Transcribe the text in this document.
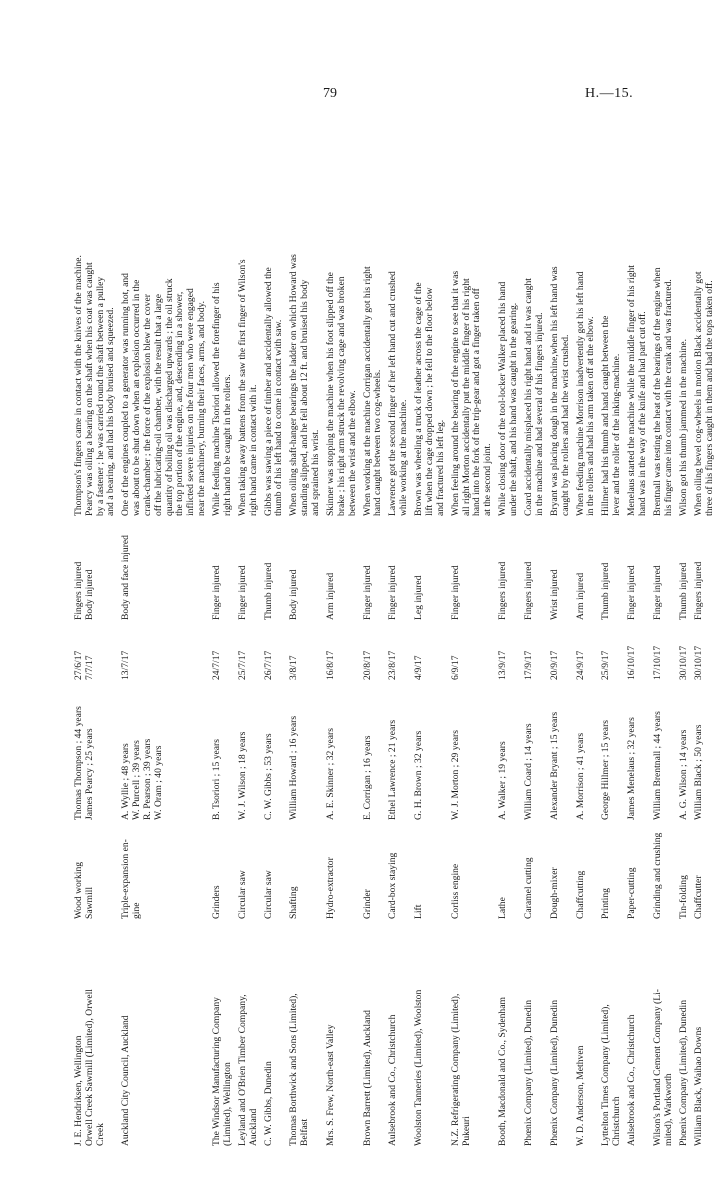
79	H.—15.
J. E. Hendriksen, Wellington Orwell Creek Sawmill (Limited), Orwell Creek
Wood working Sawmill
Thomas Thompson ; 44 years James Pearcy ; 25 years
27/6/17 7/7/17
Fingers injured Body injured
Thompson's fingers came in contact with the knives of the machine. Pearcy was oiling a bearing on the shaft when his coat was caught by a fastener ; he was carried round the shaft between a pulley and a bearing, and had his body bruised and squeezed.
Auckland City Council, Auckland
Triple-expansion en- gine
A. Wyllie ; 48 years W. Purcell ; 39 years R. Pearson ; 39 years W. Oram ; 40 years
13/7/17
Body and face injured
One of the engines coupled to a generator was running hot, and was about to be shut down when an explosion occurred in the crank-chamber ; the force of the explosion blew the cover off the lubricating-oil chamber, with the result that a large quantity of boiling oil was discharged upwards ; the oil struck the top portion of the engine, and, descending in a shower, inflicted severe injuries on the four men who were engaged near the machinery, burning their faces, arms, and body.
The Windsor Manufacturing Company (Limited), Wellington
Grinders
B. Tsoriori ; 15 years
24/7/17
Finger injured
While feeding machine Tsoriori allowed the forefinger of his right hand to be caught in the rollers.
Leyland and O'Brien Timber Company, Auckland
Circular saw
W. J. Wilson ; 18 years
25/7/17
Finger injured
When taking away battens from the saw the first finger of Wilson's right hand came in contact with it.
C. W. Gibbs, Dunedin
Circular saw
C. W. Gibbs ; 53 years
26/7/17
Thumb injured
Gibbs was sawing a piece of timber and accidentally allowed the thumb of his left hand to come in contact with saw.
Thomas Borthwick and Sons (Limited), Belfast
Shafting
William Howard ; 16 years
3/8/17
Body injured
When oiling shaft-hanger bearings the ladder on which Howard was standing slipped, and he fell about 12 ft. and bruised his body and sprained his wrist.
Mrs. S. Frew, North-east Valley
Hydro-extractor
A. E. Skinner ; 32 years
16/8/17
Arm injured
Skinner was stopping the machine when his foot slipped off the brake ; his right arm struck the revolving cage and was broken between the wrist and the elbow.
Brown Barrett (Limited), Auckland
Grinder
E. Corrigan ; 16 years
20/8/17
Finger injured
When working at the machine Corrigan accidentally got his right hand caught between two cog-wheels.
Aulsebrook and Co., Christchurch
Card-box staying
Ethel Lawrence ; 21 years
23/8/17
Finger injured
Lawrence got the second finger of her left hand cut and crushed while working at the machine.
Woolston Tanneries (Limited), Woolston
Lift
G. H. Brown ; 32 years
4/9/17
Leg injured
Brown was wheeling a truck of leather across the cage of the lift when the cage dropped down ; he fell to the floor below and fractured his left leg.
N.Z. Refrigerating Company (Limited), Pukeuri
Corliss engine
W. J. Morton ; 29 years
6/9/17
Finger injured
When feeling around the bearing of the engine to see that it was all right Morton accidentally put the middle finger of his right hand into the fork of the trip-gear and got a finger taken off at the second joint.
Booth, Macdonald and Co., Sydenham
Lathe
A. Walker ; 19 years
13/9/17
Fingers injured
While closing door of the tool-locker Walker placed his hand under the shaft, and his hand was caught in the gearing.
Phœnix Company (Limited), Dunedin
Caramel cutting
William Coard ; 14 years
17/9/17
Fingers injured
Coard accidentally misplaced his right hand and it was caught in the machine and had several of his fingers injured.
Phœnix Company (Limited), Dunedin
Dough-mixer
Alexander Bryant ; 15 years
20/9/17
Wrist injured
Bryant was placing dough in the machine,when his left hand was caught by the rollers and had the wrist crushed.
W. D. Anderson, Methven
Chaffcutting
A. Morrison ; 41 years
24/9/17
Arm injured
When feeding machine Morrison inadvertently got his left hand in the rollers and had his arm taken off at the elbow.
Lyttelton Times Company (Limited), Christchurch
Printing
George Hillmer ; 15 years
25/9/17
Thumb injured
Hillmer had his thumb and hand caught between the lever and the roller of the inking-machine.
Aulsebrook and Co., Christchurch
Paper-cutting
James Menelaus ; 32 years
16/10/17
Finger injured
Menelaus started the machine while the middle finger of his right hand was in the way of the knife and had part cut off.
Wilson's Portland Cement Company (Li- mited), Warkworth
Grinding and crushing
William Brentnall ; 44 years
17/10/17
Finger injured
Brentnall was testing the heat of the bearings of the engine when his finger came into contact with the crank and was fractured.
Phœnix Company (Limited), Dunedin
Tin-folding
A. G. Wilson ; 14 years
30/10/17
Thumb injured
Wilson got his thumb jammed in the machine.
William Black, Waihao Downs
Chaffcutter
William Black ; 50 years
30/10/17
Fingers injured
When oiling bevel cog-wheels in motion Black accidentally got three of his fingers caught in them and had the tops taken off.
